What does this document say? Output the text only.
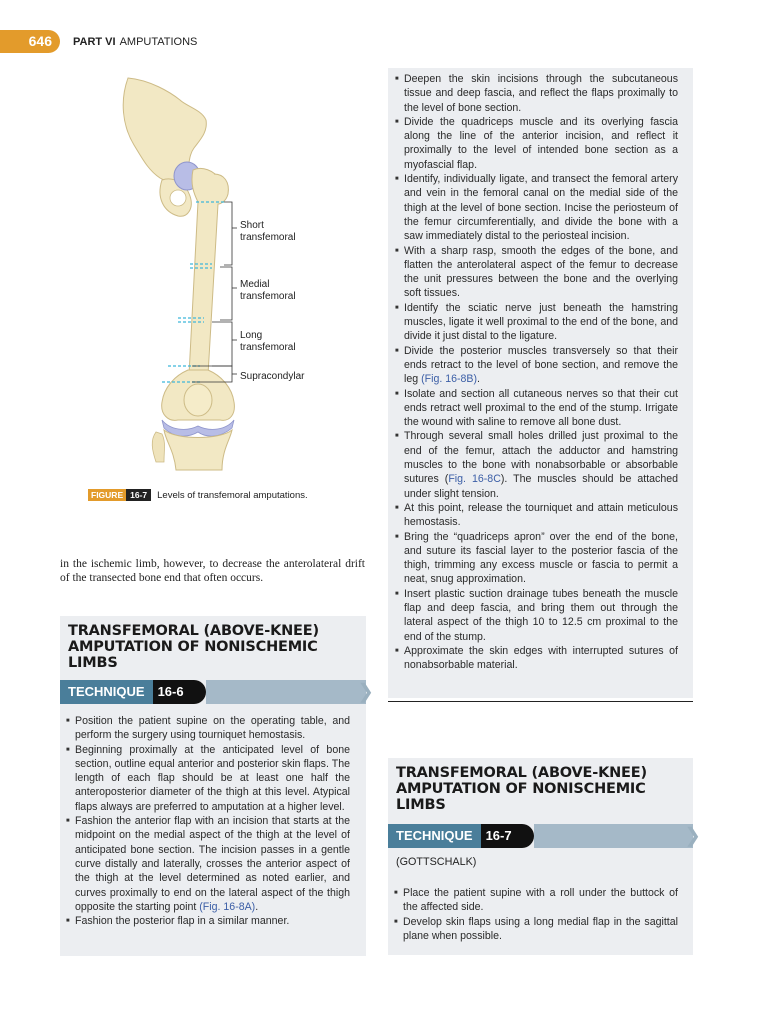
646	PART VI AMPUTATIONS
Short
transfemoral
Medial
transfemoral
Long
transfemoral
Supracondylar
FIGURE 16-7	Levels of transfemoral amputations.
in the ischemic limb, however, to decrease the anterolateral drift of the transected bone end that often occurs.
TRANSFEMORAL (ABOVE-KNEE) AMPUTATION OF NONISCHEMIC LIMBS
TECHNIQUE	16-6	❯
■ Position the patient supine on the operating table, and perform the surgery using tourniquet hemostasis.
■ Beginning proximally at the anticipated level of bone section, outline equal anterior and posterior skin flaps. The length of each flap should be at least one half the anteroposterior diameter of the thigh at this level. Atypical flaps always are preferred to amputation at a higher level.
■ Fashion the anterior flap with an incision that starts at the midpoint on the medial aspect of the thigh at the level of anticipated bone section. The incision passes in a gentle curve distally and laterally, crosses the anterior aspect of the thigh at the level determined as noted earlier, and curves proximally to end on the lateral aspect of the thigh opposite the starting point (Fig. 16-8A).
■ Fashion the posterior flap in a similar manner.
■ Deepen the skin incisions through the subcutaneous tissue and deep fascia, and reflect the flaps proximally to the level of bone section.
■ Divide the quadriceps muscle and its overlying fascia along the line of the anterior incision, and reflect it proximally to the level of intended bone section as a myofascial flap.
■ Identify, individually ligate, and transect the femoral artery and vein in the femoral canal on the medial side of the thigh at the level of bone section. Incise the periosteum of the femur circumferentially, and divide the bone with a saw immediately distal to the periosteal incision.
■ With a sharp rasp, smooth the edges of the bone, and flatten the anterolateral aspect of the femur to decrease the unit pressures between the bone and the overlying soft tissues.
■ Identify the sciatic nerve just beneath the hamstring muscles, ligate it well proximal to the end of the bone, and divide it just distal to the ligature.
■ Divide the posterior muscles transversely so that their ends retract to the level of bone section, and remove the leg (Fig. 16-8B).
■ Isolate and section all cutaneous nerves so that their cut ends retract well proximal to the end of the stump. Irrigate the wound with saline to remove all bone dust.
■ Through several small holes drilled just proximal to the end of the femur, attach the adductor and hamstring muscles to the bone with nonabsorbable or absorbable sutures (Fig. 16-8C). The muscles should be attached under slight tension.
■ At this point, release the tourniquet and attain meticulous hemostasis.
■ Bring the “quadriceps apron” over the end of the bone, and suture its fascial layer to the posterior fascia of the thigh, trimming any excess muscle or fascia to permit a neat, snug approximation.
■ Insert plastic suction drainage tubes beneath the muscle flap and deep fascia, and bring them out through the lateral aspect of the thigh 10 to 12.5 cm proximal to the end of the stump.
■ Approximate the skin edges with interrupted sutures of nonabsorbable material.
TRANSFEMORAL (ABOVE-KNEE) AMPUTATION OF NONISCHEMIC LIMBS
TECHNIQUE	16-7	❯
■ Place the patient supine with a roll under the buttock of the affected side.
■ Develop skin flaps using a long medial flap in the sagittal plane when possible.
(GOTTSCHALK)
